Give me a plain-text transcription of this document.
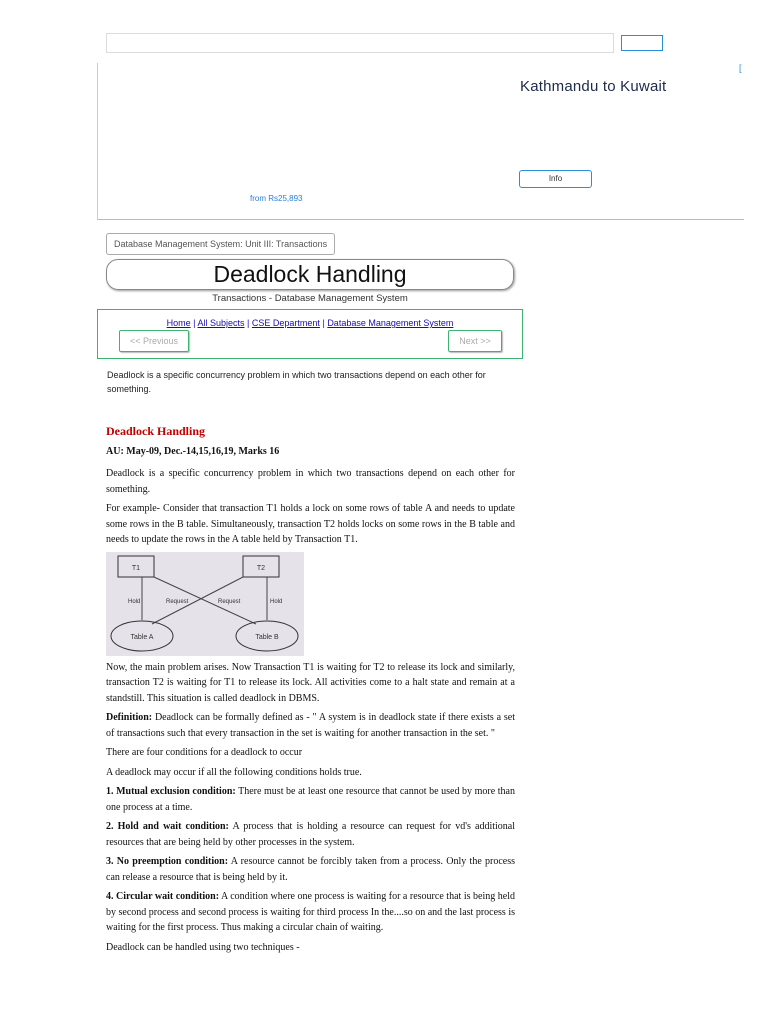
[
Kathmandu to Kuwait
Info
from Rs25,893
Database Management System: Unit III: Transactions
Deadlock Handling
Transactions - Database Management System
Home | All Subjects | CSE Department | Database Management System
<< Previous	Next >>
Deadlock is a specific concurrency problem in which two transactions depend on each other for something.

Deadlock Handling

AU: May-09, Dec.-14,15,16,19, Marks 16

Deadlock is a specific concurrency problem in which two transactions depend on each other for something.

For example- Consider that transaction T1 holds a lock on some rows of table A and needs to update some rows in the B table. Simultaneously, transaction T2 holds locks on some rows in the B table and needs to update the rows in the A table held by Transaction T1.

T1	T2
Hold	Request	Request	Hold
Table A	Table B

Now, the main problem arises. Now Transaction T1 is waiting for T2 to release its lock and similarly, transaction T2 is waiting for T1 to release its lock. All activities come to a halt state and remain at a standstill. This situation is called deadlock in DBMS.

Definition: Deadlock can be formally defined as - " A system is in deadlock state if there exists a set of transactions such that every transaction in the set is waiting for another transaction in the set. "

There are four conditions for a deadlock to occur

A deadlock may occur if all the following conditions holds true.

1. Mutual exclusion condition: There must be at least one resource that cannot be used by more than one process at a time.

2. Hold and wait condition: A process that is holding a resource can request for vd's additional resources that are being held by other processes in the system.

3. No preemption condition: A resource cannot be forcibly taken from a process. Only the process can release a resource that is being held by it.

4. Circular wait condition: A condition where one process is waiting for a resource that is being held by second process and second process is waiting for third process In the....so on and the last process is waiting for the first process. Thus making a circular chain of waiting.

Deadlock can be handled using two techniques -
